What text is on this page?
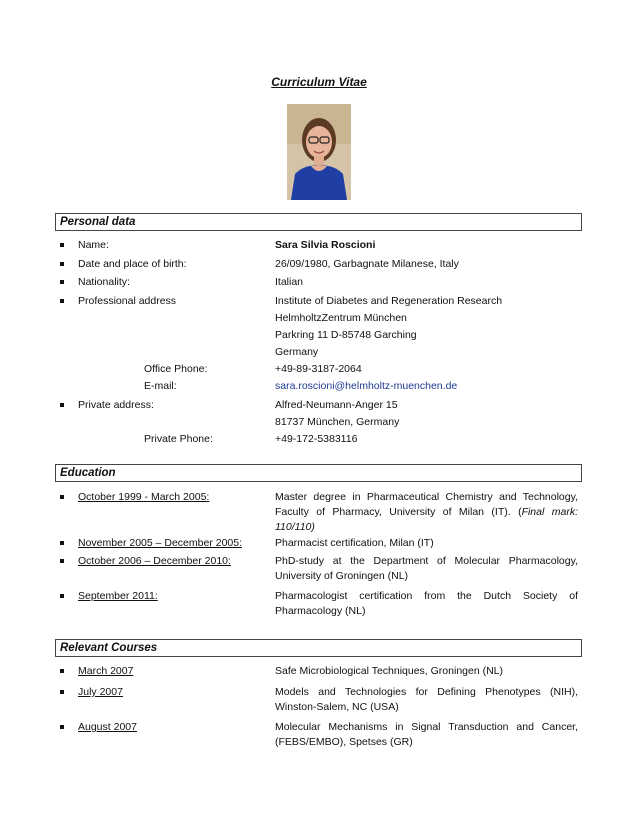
Curriculum Vitae
Personal data
Name:	Sara Silvia Roscioni
Date and place of birth:	26/09/1980, Garbagnate Milanese, Italy
Nationality:	Italian
Professional address	Institute of Diabetes and Regeneration Research
HelmholtzZentrum München
Parkring 11 D-85748 Garching
Germany
Office Phone:	+49-89-3187-2064
E-mail:	sara.roscioni@helmholtz-muenchen.de
Private address:	Alfred-Neumann-Anger 15
81737 München, Germany
Private Phone:	+49-172-5383116
Education
October 1999 - March 2005:	Master degree in Pharmaceutical Chemistry and Technology, Faculty of Pharmacy, University of Milan (IT). (Final mark: 110/110)
November 2005 – December 2005:	Pharmacist certification, Milan (IT)
October 2006 – December 2010:	PhD-study at the Department of Molecular Pharmacology, University of Groningen (NL)
September 2011:	Pharmacologist certification from the Dutch Society of Pharmacology (NL)
Relevant Courses
March 2007	Safe Microbiological Techniques, Groningen (NL)
July 2007	Models and Technologies for Defining Phenotypes (NIH), Winston-Salem, NC (USA)
August 2007	Molecular Mechanisms in Signal Transduction and Cancer, (FEBS/EMBO), Spetses (GR)
